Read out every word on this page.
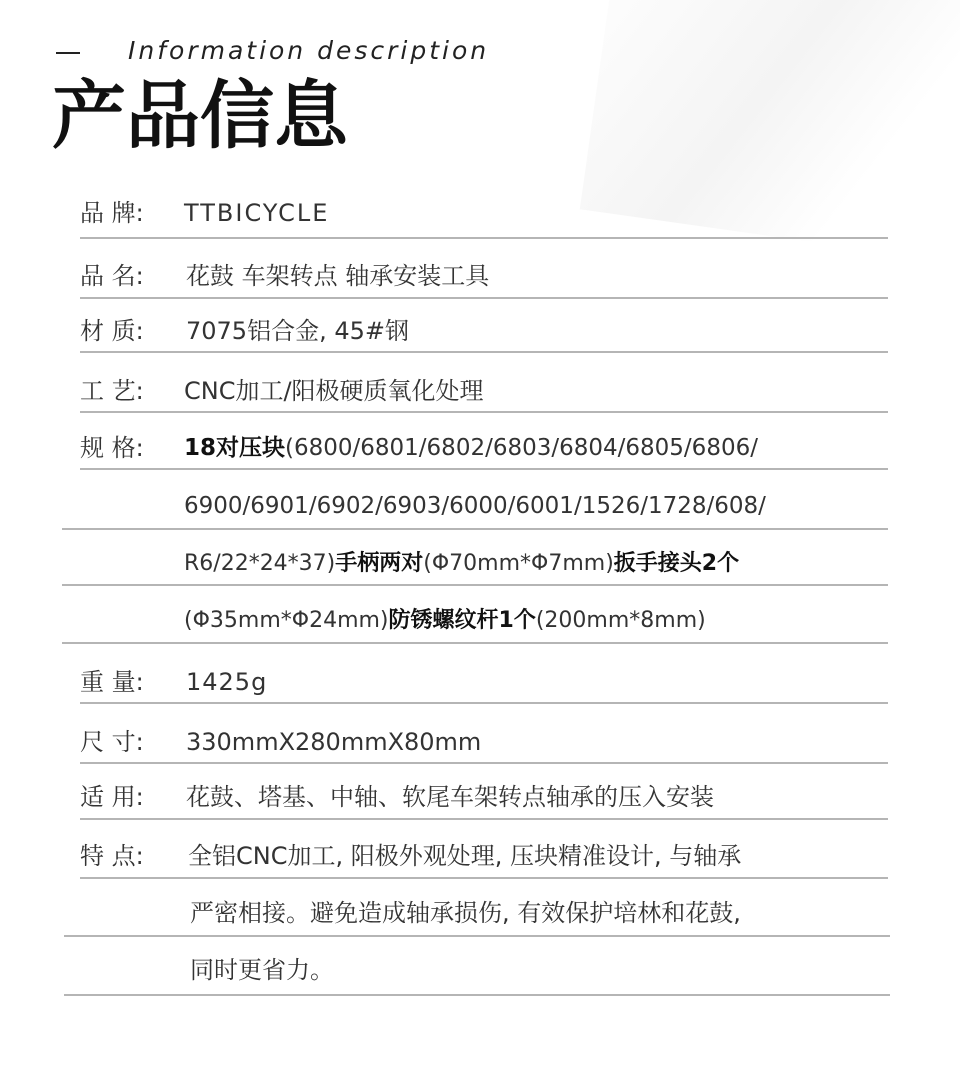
Information description
产品信息
品 牌:	TTBICYCLE
品 名:	花鼓 车架转点 轴承安装工具
材 质:	7075铝合金, 45#钢
工 艺:	CNC加工/阳极硬质氧化处理
规 格:	18对压块(6800/6801/6802/6803/6804/6805/6806/
6900/6901/6902/6903/6000/6001/1526/1728/608/
R6/22*24*37)手柄两对(Φ70mm*Φ7mm)扳手接头2个
(Φ35mm*Φ24mm)防锈螺纹杆1个(200mm*8mm)
重 量:	1425g
尺 寸:	330mmX280mmX80mm
适 用:	花鼓、塔基、中轴、软尾车架转点轴承的压入安装
特 点:	全铝CNC加工, 阳极外观处理, 压块精准设计, 与轴承
严密相接。避免造成轴承损伤, 有效保护培林和花鼓,
同时更省力。
